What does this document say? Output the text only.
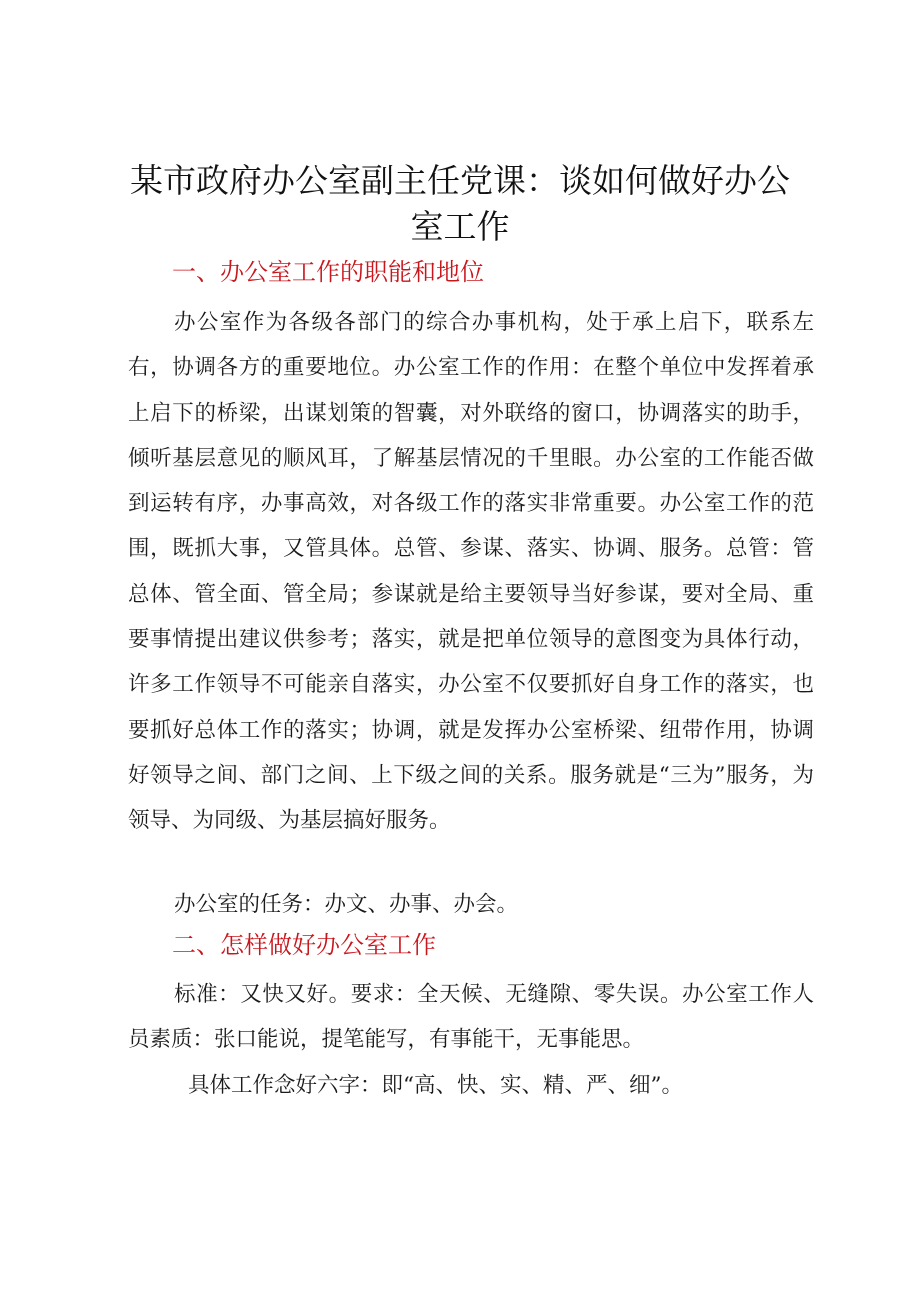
某市政府办公室副主任党课：谈如何做好办公室工作
一、办公室工作的职能和地位
办公室作为各级各部门的综合办事机构，处于承上启下，联系左右，协调各方的重要地位。办公室工作的作用：在整个单位中发挥着承上启下的桥梁，出谋划策的智囊，对外联络的窗口，协调落实的助手，倾听基层意见的顺风耳，了解基层情况的千里眼。办公室的工作能否做到运转有序，办事高效，对各级工作的落实非常重要。办公室工作的范围，既抓大事，又管具体。总管、参谋、落实、协调、服务。总管：管总体、管全面、管全局；参谋就是给主要领导当好参谋，要对全局、重要事情提出建议供参考；落实，就是把单位领导的意图变为具体行动，许多工作领导不可能亲自落实，办公室不仅要抓好自身工作的落实，也要抓好总体工作的落实；协调，就是发挥办公室桥梁、纽带作用，协调好领导之间、部门之间、上下级之间的关系。服务就是“三为”服务，为领导、为同级、为基层搞好服务。
办公室的任务：办文、办事、办会。
二、怎样做好办公室工作
标准：又快又好。要求：全天候、无缝隙、零失误。办公室工作人员素质：张口能说，提笔能写，有事能干，无事能思。
具体工作念好六字：即“高、快、实、精、严、细”。
